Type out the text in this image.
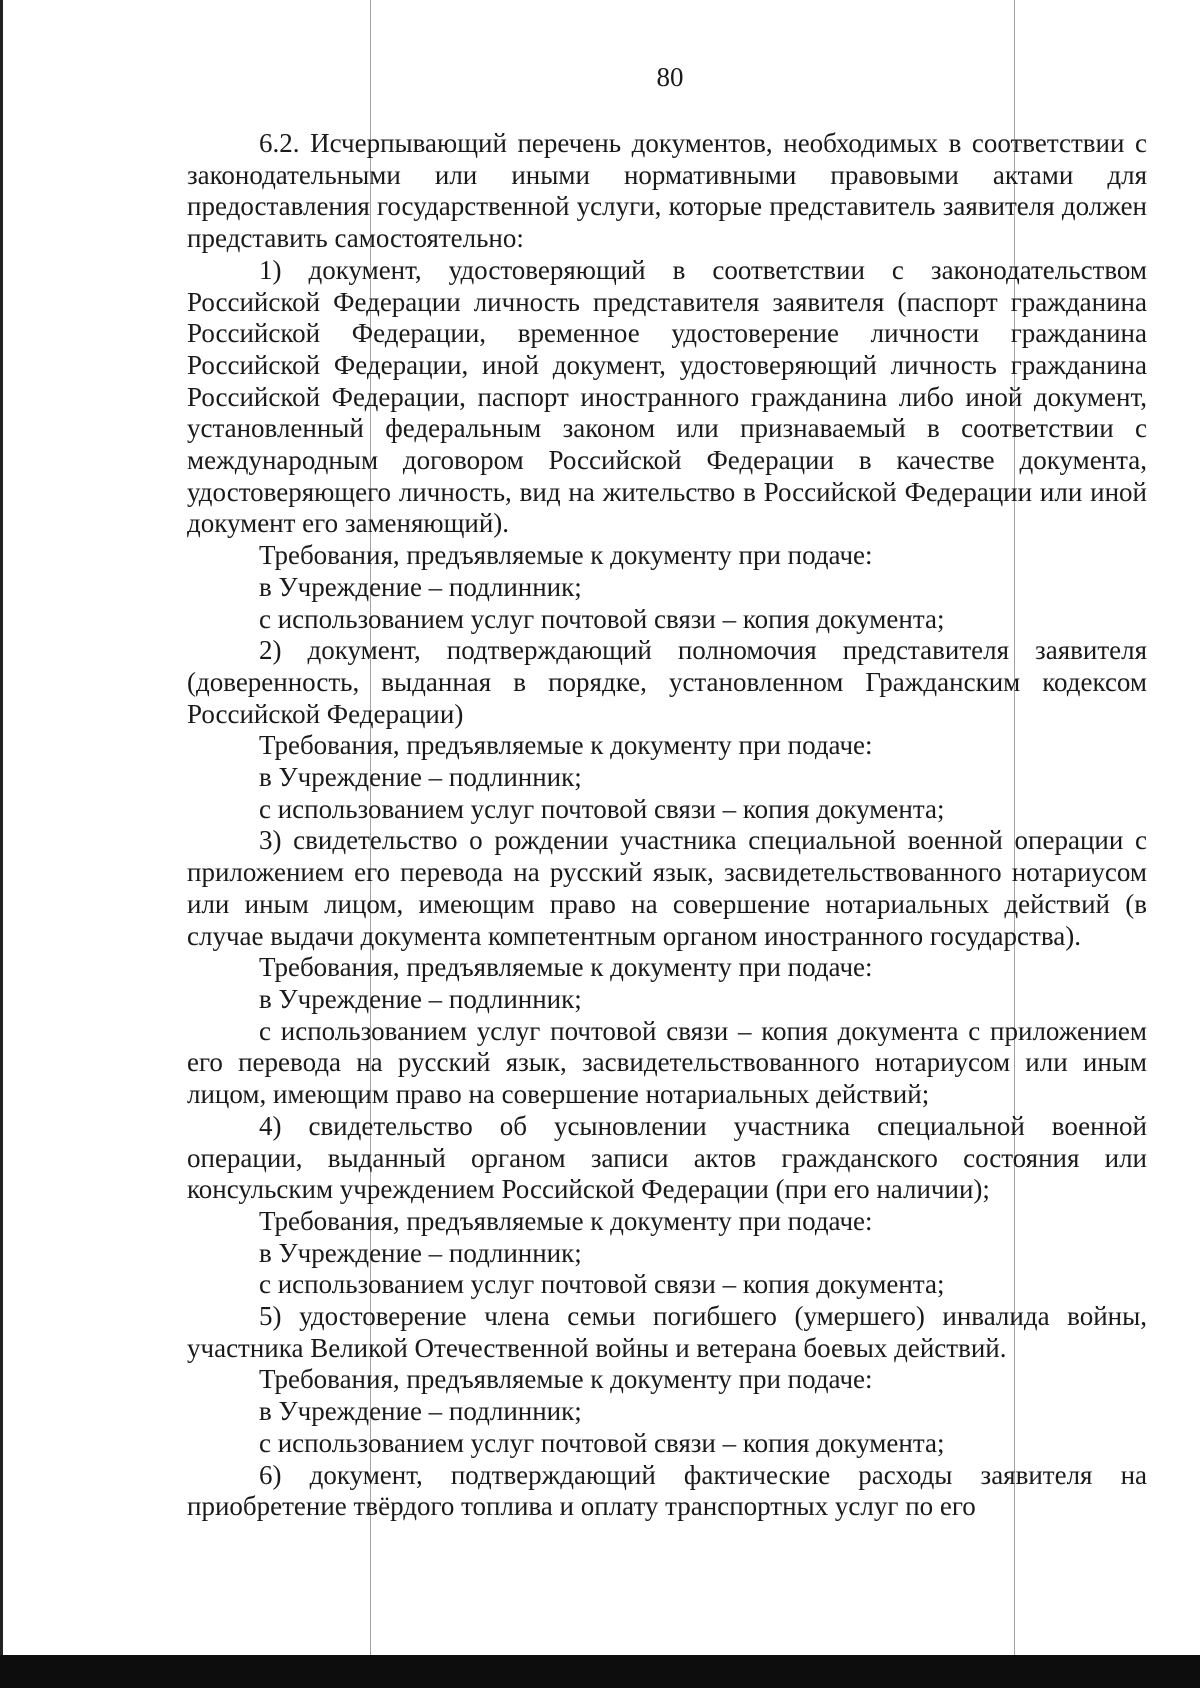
80

6.2. Исчерпывающий перечень документов, необходимых в соответствии с законодательными или иными нормативными правовыми актами для предоставления государственной услуги, которые представитель заявителя должен представить самостоятельно:

1) документ, удостоверяющий в соответствии с законодательством Российской Федерации личность представителя заявителя (паспорт гражданина Российской Федерации, временное удостоверение личности гражданина Российской Федерации, иной документ, удостоверяющий личность гражданина Российской Федерации, паспорт иностранного гражданина либо иной документ, установленный федеральным законом или признаваемый в соответствии с международным договором Российской Федерации в качестве документа, удостоверяющего личность, вид на жительство в Российской Федерации или иной документ его заменяющий).

Требования, предъявляемые к документу при подаче:

в Учреждение – подлинник;

с использованием услуг почтовой связи – копия документа;

2) документ, подтверждающий полномочия представителя заявителя (доверенность, выданная в порядке, установленном Гражданским кодексом Российской Федерации)

Требования, предъявляемые к документу при подаче:

в Учреждение – подлинник;

с использованием услуг почтовой связи – копия документа;

3) свидетельство о рождении участника специальной военной операции с приложением его перевода на русский язык, засвидетельствованного нотариусом или иным лицом, имеющим право на совершение нотариальных действий (в случае выдачи документа компетентным органом иностранного государства).

Требования, предъявляемые к документу при подаче:

в Учреждение – подлинник;

с использованием услуг почтовой связи – копия документа с приложением его перевода на русский язык, засвидетельствованного нотариусом или иным лицом, имеющим право на совершение нотариальных действий;

4) свидетельство об усыновлении участника специальной военной операции, выданный органом записи актов гражданского состояния или консульским учреждением Российской Федерации (при его наличии);

Требования, предъявляемые к документу при подаче:

в Учреждение – подлинник;

с использованием услуг почтовой связи – копия документа;

5) удостоверение члена семьи погибшего (умершего) инвалида войны, участника Великой Отечественной войны и ветерана боевых действий.

Требования, предъявляемые к документу при подаче:

в Учреждение – подлинник;

с использованием услуг почтовой связи – копия документа;

6) документ, подтверждающий фактические расходы заявителя на приобретение твёрдого топлива и оплату транспортных услуг по его
